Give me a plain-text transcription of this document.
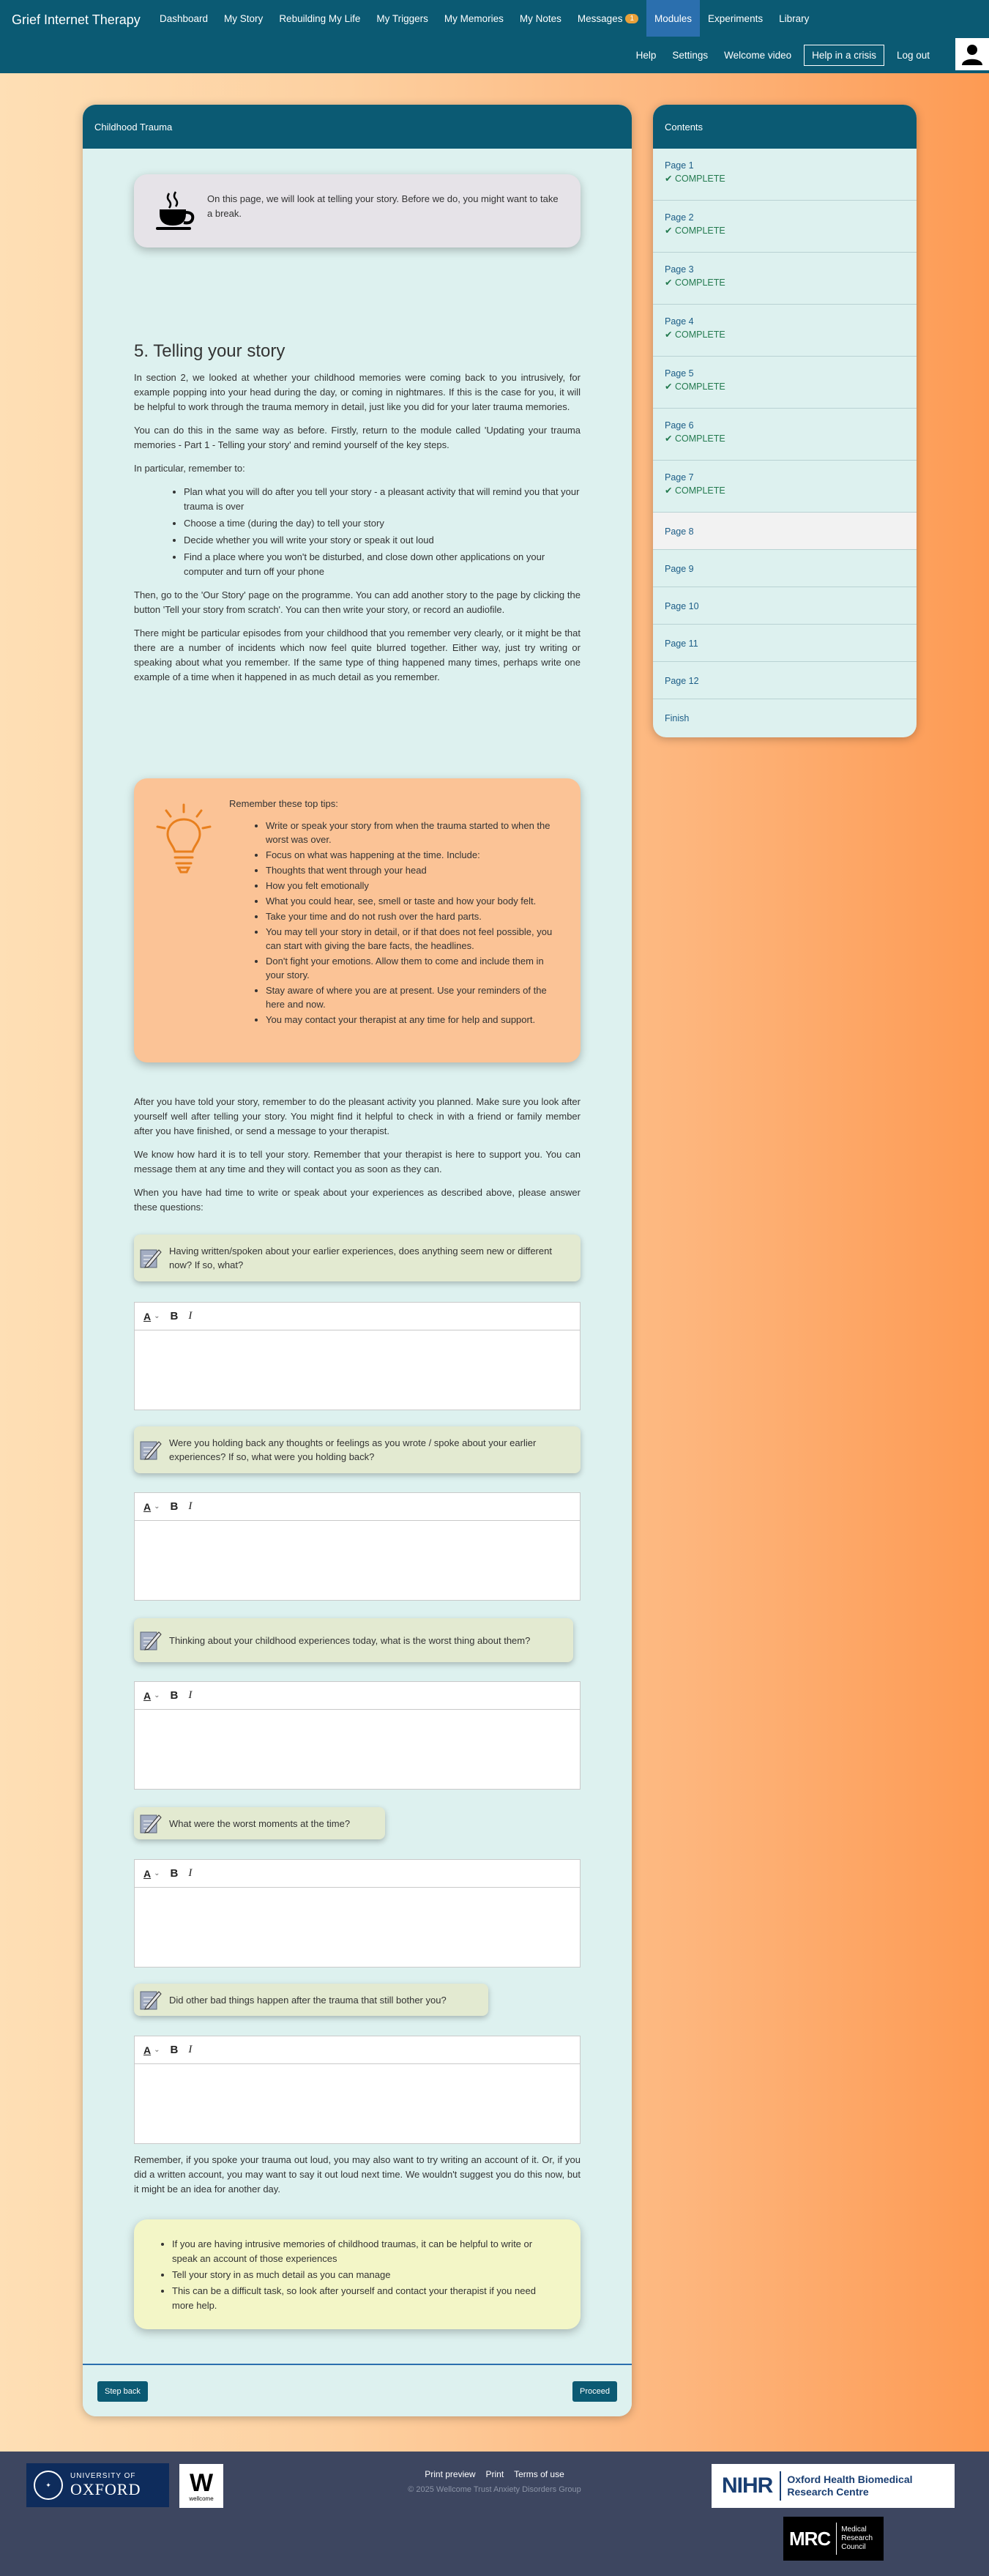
Grief Internet Therapy	Dashboard	My Story	Rebuilding My Life	My Triggers	My Memories	My Notes	Messages	1	Modules	Experiments	Library
Help	Settings	Welcome video	Help in a crisis	Log out
Childhood Trauma

On this page, we will look at telling your story. Before we do, you might want to take a break.

5. Telling your story

In section 2, we looked at whether your childhood memories were coming back to you intrusively, for example popping into your head during the day, or coming in nightmares. If this is the case for you, it will be helpful to work through the trauma memory in detail, just like you did for your later trauma memories.

You can do this in the same way as before. Firstly, return to the module called 'Updating your trauma memories - Part 1 - Telling your story' and remind yourself of the key steps.

In particular, remember to:

• Plan what you will do after you tell your story - a pleasant activity that will remind you that your trauma is over
• Choose a time (during the day) to tell your story
• Decide whether you will write your story or speak it out loud
• Find a place where you won't be disturbed, and close down other applications on your computer and turn off your phone

Then, go to the 'Our Story' page on the programme. You can add another story to the page by clicking the button 'Tell your story from scratch'. You can then write your story, or record an audiofile.

There might be particular episodes from your childhood that you remember very clearly, or it might be that there are a number of incidents which now feel quite blurred together. Either way, just try writing or speaking about what you remember. If the same type of thing happened many times, perhaps write one example of a time when it happened in as much detail as you remember.

Remember these top tips:
• Write or speak your story from when the trauma started to when the worst was over.
• Focus on what was happening at the time. Include:
• Thoughts that went through your head
• How you felt emotionally
• What you could hear, see, smell or taste and how your body felt.
• Take your time and do not rush over the hard parts.
• You may tell your story in detail, or if that does not feel possible, you can start with giving the bare facts, the headlines.
• Don't fight your emotions. Allow them to come and include them in your story.
• Stay aware of where you are at present. Use your reminders of the here and now.
• You may contact your therapist at any time for help and support.

After you have told your story, remember to do the pleasant activity you planned. Make sure you look after yourself well after telling your story. You might find it helpful to check in with a friend or family member after you have finished, or send a message to your therapist.

We know how hard it is to tell your story. Remember that your therapist is here to support you. You can message them at any time and they will contact you as soon as they can.

When you have had time to write or speak about your experiences as described above, please answer these questions:

Having written/spoken about your earlier experiences, does anything seem new or different now? If so, what?
A ⌄ B I
Were you holding back any thoughts or feelings as you wrote / spoke about your earlier experiences? If so, what were you holding back?
A ⌄ B I
Thinking about your childhood experiences today, what is the worst thing about them?
A ⌄ B I
What were the worst moments at the time?
A ⌄ B I
Did other bad things happen after the trauma that still bother you?
A ⌄ B I

Remember, if you spoke your trauma out loud, you may also want to try writing an account of it. Or, if you did a written account, you may want to say it out loud next time. We wouldn't suggest you do this now, but it might be an idea for another day.

• If you are having intrusive memories of childhood traumas, it can be helpful to write or speak an account of those experiences
• Tell your story in as much detail as you can manage
• This can be a difficult task, so look after yourself and contact your therapist if you need more help.
Step back	Proceed
Contents
Page 1
✔ COMPLETE
Page 2
✔ COMPLETE
Page 3
✔ COMPLETE
Page 4
✔ COMPLETE
Page 5
✔ COMPLETE
Page 6
✔ COMPLETE
Page 7
✔ COMPLETE
Page 8
Page 9
Page 10
Page 11
Page 12
Finish
✦
UNIVERSITY OF
OXFORD W
wellcome
Print preview Print Terms of use
© 2025 Wellcome Trust Anxiety Disorders Group	NIHR Oxford Health Biomedical
Research Centre
MRC Medical
Research
Council
